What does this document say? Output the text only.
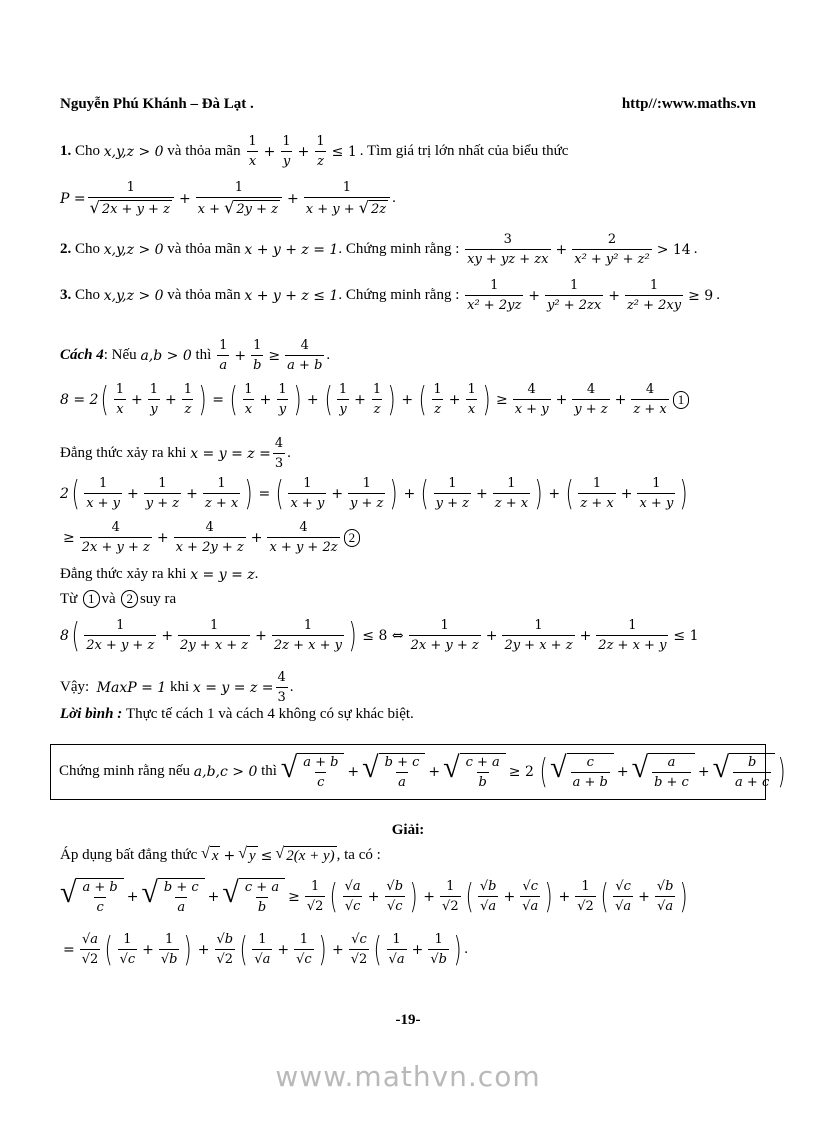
Nguyễn Phú Khánh – Đà Lạt .	http//:www.maths.vn
1.
Cho
x,y,z > 0
và thỏa mãn
$\frac{1}{x} + \frac{1}{y} + \frac{1}{z} \le 1$ . Tìm giá trị lớn nhất của biểu thức
$P = \frac{1}{√ 2x + y + z} + \frac{1}{x + √ 2y + z} + \frac{1}{x + y + √ 2z}$ .
2.
Cho
x,y,z > 0
và thỏa mãn
x + y + z = 1 . Chứng minh rằng :
$\frac{3}{xy + yz + zx} + \frac{2}{\text{x² + y² + z²}} > 14$ .
3.
Cho
x,y,z > 0
và thỏa mãn
x + y + z ≤ 1 . Chứng minh rằng :
$\frac{1}{\text{x² + 2yz}} + \frac{1}{\text{y² + 2zx}} + \frac{1}{\text{z² + 2xy}} \ge 9$ .
Cách 4 : Nếu
a,b > 0
thì
$\frac{1}{a} + \frac{1}{b} \ge \frac{4}{a + b}$ .
8 = 2 ( $\frac{1}{x} + \frac{1}{y} + \frac{1}{z}$ ) = ( $\frac{1}{x} + \frac{1}{y}$ ) + ( $\frac{1}{y} + \frac{1}{z}$ ) + ( $\frac{1}{z} + \frac{1}{x}$ ) ≥ $\frac{4}{x + y} + \frac{4}{y + z} + \frac{4}{z + x} 1$
Đẳng thức xảy ra khi
$x = y = z = \frac{4}{3}$ .
2 ( $\frac{1}{x + y} + \frac{1}{y + z} + \frac{1}{z + x}$ ) = ( $\frac{1}{x + y} + \frac{1}{y + z}$ ) + ( $\frac{1}{y + z} + \frac{1}{z + x}$ ) + ( $\frac{1}{z + x} + \frac{1}{x + y}$ )
≥ $\frac{4}{2x + y + z} + \frac{4}{x + 2y + z} + \frac{4}{x + y + 2z} 2$
Đẳng thức xảy ra khi
x = y = z .
Từ
1 và
2 suy ra
8 ( $\frac{1}{2x + y + z} + \frac{1}{2y + x + z} + \frac{1}{2z + x + y}$ ) ≤ 8 ⇔ $\frac{1}{2x + y + z} + \frac{1}{2y + x + z} + \frac{1}{2z + x + y} \le 1$
Vậy:
MaxP = 1
khi
$x = y = z = \frac{4}{3}$ .
Lời bình :
Thực tế cách 1 và cách 4 không có sự khác biệt.
Chứng minh rằng nếu
a,b,c > 0
thì
√ $\frac{a + b}{c}$ + √ $\frac{b + c}{a}$ + √ $\frac{c + a}{b} \ge 2$ ( √ $\frac{c}{a + b}$ + √ $\frac{a}{b + c}$ + √ $\frac{b}{a + c}$ )
Giải:
Áp dụng bất đẳng thức
√ x + √ y ≤ √ 2(x + y) , ta có :
√ $\frac{a + b}{c}$ + √ $\frac{b + c}{a}$ + √ $\frac{c + a}{b} \ge \frac{1}{√2}$ ( $\frac{√a}{√c} + \frac{√b}{√c}$ ) + $\frac{1}{√2}$ ( $\frac{√b}{√a} + \frac{√c}{√a}$ ) + $\frac{1}{√2}$ ( $\frac{√c}{√a} + \frac{√b}{√a}$ )
= $\frac{√a}{√2}$ ( $\frac{1}{√c} + \frac{1}{√b}$ ) + $\frac{√b}{√2}$ ( $\frac{1}{√a} + \frac{1}{√c}$ ) + $\frac{√c}{√2}$ ( $\frac{1}{√a} + \frac{1}{√b}$ ) .
-19-
www.mathvn.com
